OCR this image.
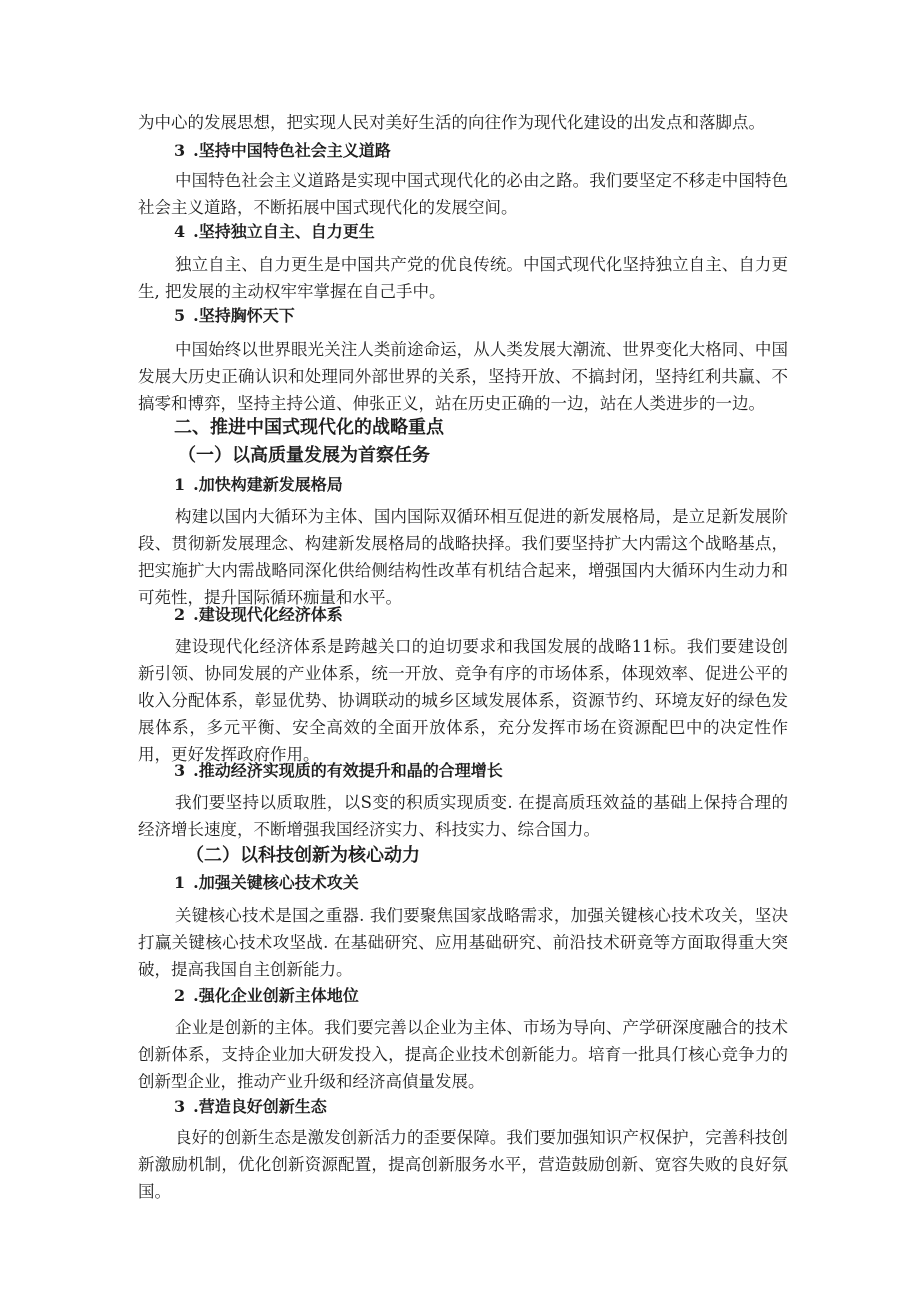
为中心的发展思想，把实现人民对美好生活的向往作为现代化建设的出发点和落脚点。

3 .坚持中国特色社会主义道路

中国特色社会主义道路是实现中国式现代化的必由之路。我们要坚定不移走中国特色社会主义道路，不断拓展中国式现代化的发展空间。

4 .坚持独立自主、自力更生

独立自主、自力更生是中国共产党的优良传统。中国式现代化坚持独立自主、自力更生, 把发展的主动权牢牢掌握在自己手中。

5 .坚持胸怀天下

中国始终以世界眼光关注人类前途命运，从人类发展大潮流、世界变化大格同、中国发展大历史正确认识和处理同外部世界的关系，坚持开放、不搞封闭，坚持红利共赢、不搞零和博弈，坚持主持公道、伸张正义，站在历史正确的一边，站在人类进步的一边。

二、推进中国式现代化的战略重点
（一）以高质量发展为首察任务
1 .加快构建新发展格局

构建以国内大循环为主体、国内国际双循环相互促进的新发展格局，是立足新发展阶段、贯彻新发展理念、构建新发展格局的战略抉择。我们要坚持扩大内需这个战略基点，把实施扩大内需战略同深化供给侧结构性改革有机结合起来，增强国内大循环内生动力和可苑性，提升国际循环痂量和水平。

2 .建设现代化经济体系

建设现代化经济体系是跨越关口的迫切要求和我国发展的战略11标。我们要建设创新引领、协同发展的产业体系，统一开放、竞争有序的市场体系，体现效率、促进公平的收入分配体系，彰显优势、协调联动的城乡区域发展体系，资源节约、环境友好的绿色发展体系，多元平衡、安全高效的全面开放体系，充分发挥市场在资源配巴中的决定性作用，更好发挥政府作用。

3 .推动经济实现质的有效提升和晶的合理增长

我们要坚持以质取胜，以S变的积质实现质变. 在提高质珏效益的基础上保持合理的经济增长速度，不断增强我国经济实力、科技实力、综合国力。

（二）以科技创新为核心动力
1 .加强关键核心技术攻关

关键核心技术是国之重器. 我们要聚焦国家战略需求，加强关键核心技术攻关，坚决打赢关键核心技术攻坚战. 在基础研究、应用基础研究、前沿技术研竟等方面取得重大突破，提高我国自主创新能力。

2 .强化企业创新主体地位

企业是创新的主体。我们要完善以企业为主体、市场为导向、产学研深度融合的技术创新体系，支持企业加大研发投入，提高企业技术创新能力。培育一批具仃核心竞争力的创新型企业，推动产业升级和经济高偵量发展。

3 .营造良好创新生态

良好的创新生态是激发创新活力的歪要保障。我们要加强知识产权保护，完善科技创新激励机制，优化创新资源配置，提高创新服务水平，营造鼓励创新、宽容失败的良好氛国。
